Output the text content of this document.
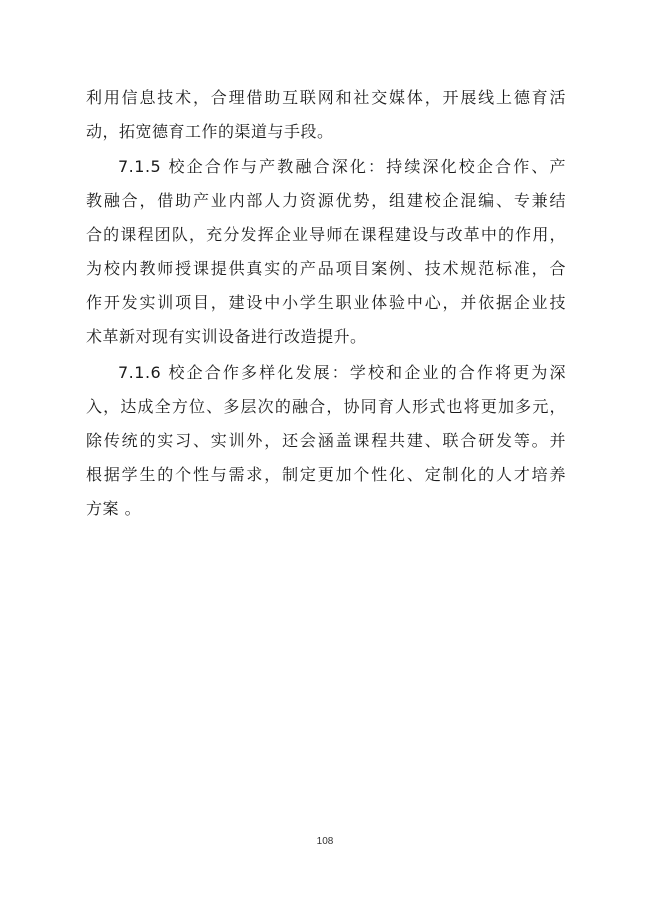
利用信息技术，合理借助互联网和社交媒体，开展线上德育活
动，拓宽德育工作的渠道与手段。
7.1.5 校企合作与产教融合深化：持续深化校企合作、产
教融合，借助产业内部人力资源优势，组建校企混编、专兼结
合的课程团队，充分发挥企业导师在课程建设与改革中的作用，
为校内教师授课提供真实的产品项目案例、技术规范标准，合
作开发实训项目，建设中小学生职业体验中心，并依据企业技
术革新对现有实训设备进行改造提升。
7.1.6 校企合作多样化发展：学校和企业的合作将更为深
入，达成全方位、多层次的融合，协同育人形式也将更加多元，
除传统的实习、实训外，还会涵盖课程共建、联合研发等。并
根据学生的个性与需求，制定更加个性化、定制化的人才培养
方案 。
108
